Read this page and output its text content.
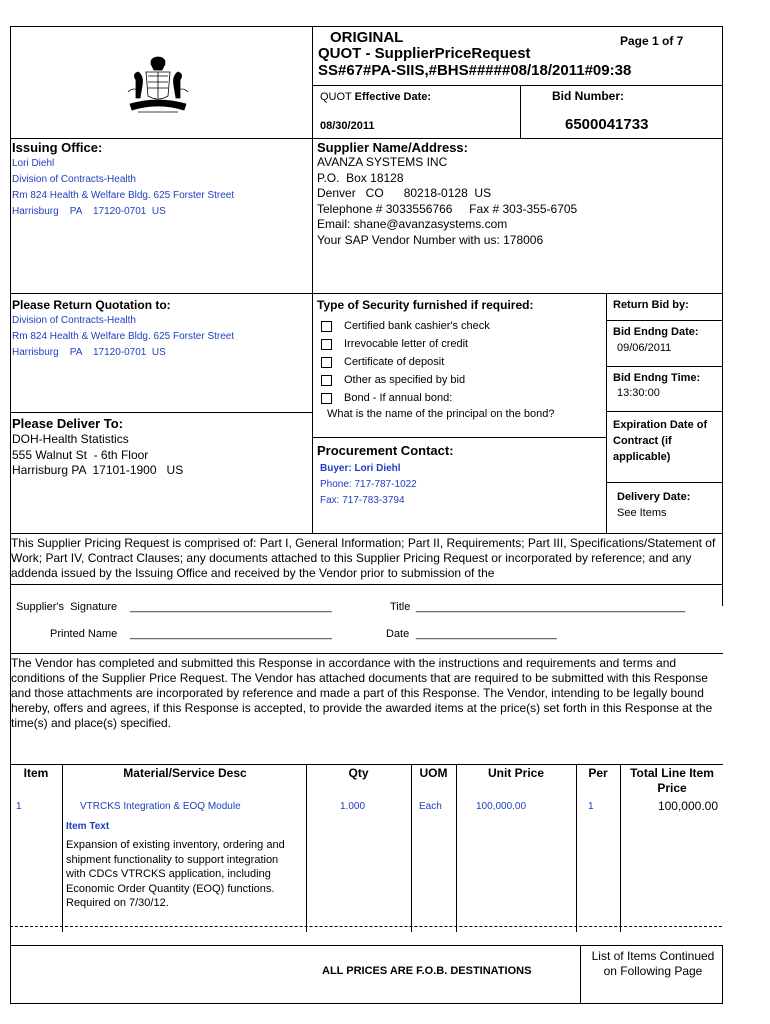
ORIGINAL	Page 1 of 7
QUOT - SupplierPriceRequest
SS#67#PA-SIIS,#BHS#####08/18/2011#09:38
QUOT Effective Date:	Bid Number:
08/30/2011	6500041733
Issuing Office:
Lori Diehl
Division of Contracts-Health
Rm 824 Health & Welfare Bldg. 625 Forster Street
Harrisburg    PA    17120-0701  US
Supplier Name/Address:
AVANZA SYSTEMS INC
P.O.  Box 18128
Denver   CO      80218-0128  US
Telephone # 3033556766     Fax # 303-355-6705
Email: shane@avanzasystems.com
Your SAP Vendor Number with us: 178006
Please Return Quotation to:
Division of Contracts-Health
Rm 824 Health & Welfare Bldg. 625 Forster Street
Harrisburg    PA    17120-0701  US
Type of Security furnished if required:
Certified bank cashier's check
Irrevocable letter of credit
Certificate of deposit
Other as specified by bid
Bond - If annual bond:
What is the name of the principal on the bond?
Return Bid by:
Bid Endng Date:
09/06/2011
Bid Endng Time:
13:30:00
Expiration Date of Contract (if applicable)
Delivery Date:
See Items
Please Deliver To:
DOH-Health Statistics
555 Walnut St  - 6th Floor
Harrisburg PA  17101-1900   US
Procurement Contact:
Buyer: Lori Diehl
Phone: 717-787-1022
Fax: 717-783-3794
This Supplier Pricing Request is comprised of: Part I, General Information; Part II, Requirements; Part III, Specifications/Statement of Work; Part IV, Contract Clauses; any documents attached to this Supplier Pricing Request or incorporated by reference; and any addenda issued by the Issuing Office and received by the Vendor prior to submission of the
Supplier's  Signature _________________________________	Title ____________________________________________
Printed Name _________________________________	Date _______________________
The Vendor has completed and submitted this Response in accordance with the instructions and requirements and terms and conditions of the Supplier Price Request. The Vendor has attached documents that are required to be submitted with this Response and those attachments are incorporated by reference and made a part of this Response. The Vendor, intending to be legally bound hereby, offers and agrees, if this Response is accepted, to provide the awarded items at the price(s) set forth in this Response at the time(s) and place(s) specified.
Item	Material/Service Desc	Qty	UOM	Unit Price	Per	Total Line Item Price
1	VTRCKS Integration & EOQ Module	1.000	Each	100,000.00	1	100,000.00
Item Text
Expansion of existing inventory, ordering and shipment functionality to support integration with CDCs VTRCKS application, including Economic Order Quantity (EOQ) functions. Required on 7/30/12.
ALL PRICES ARE F.O.B. DESTINATIONS
List of Items Continued on Following Page
